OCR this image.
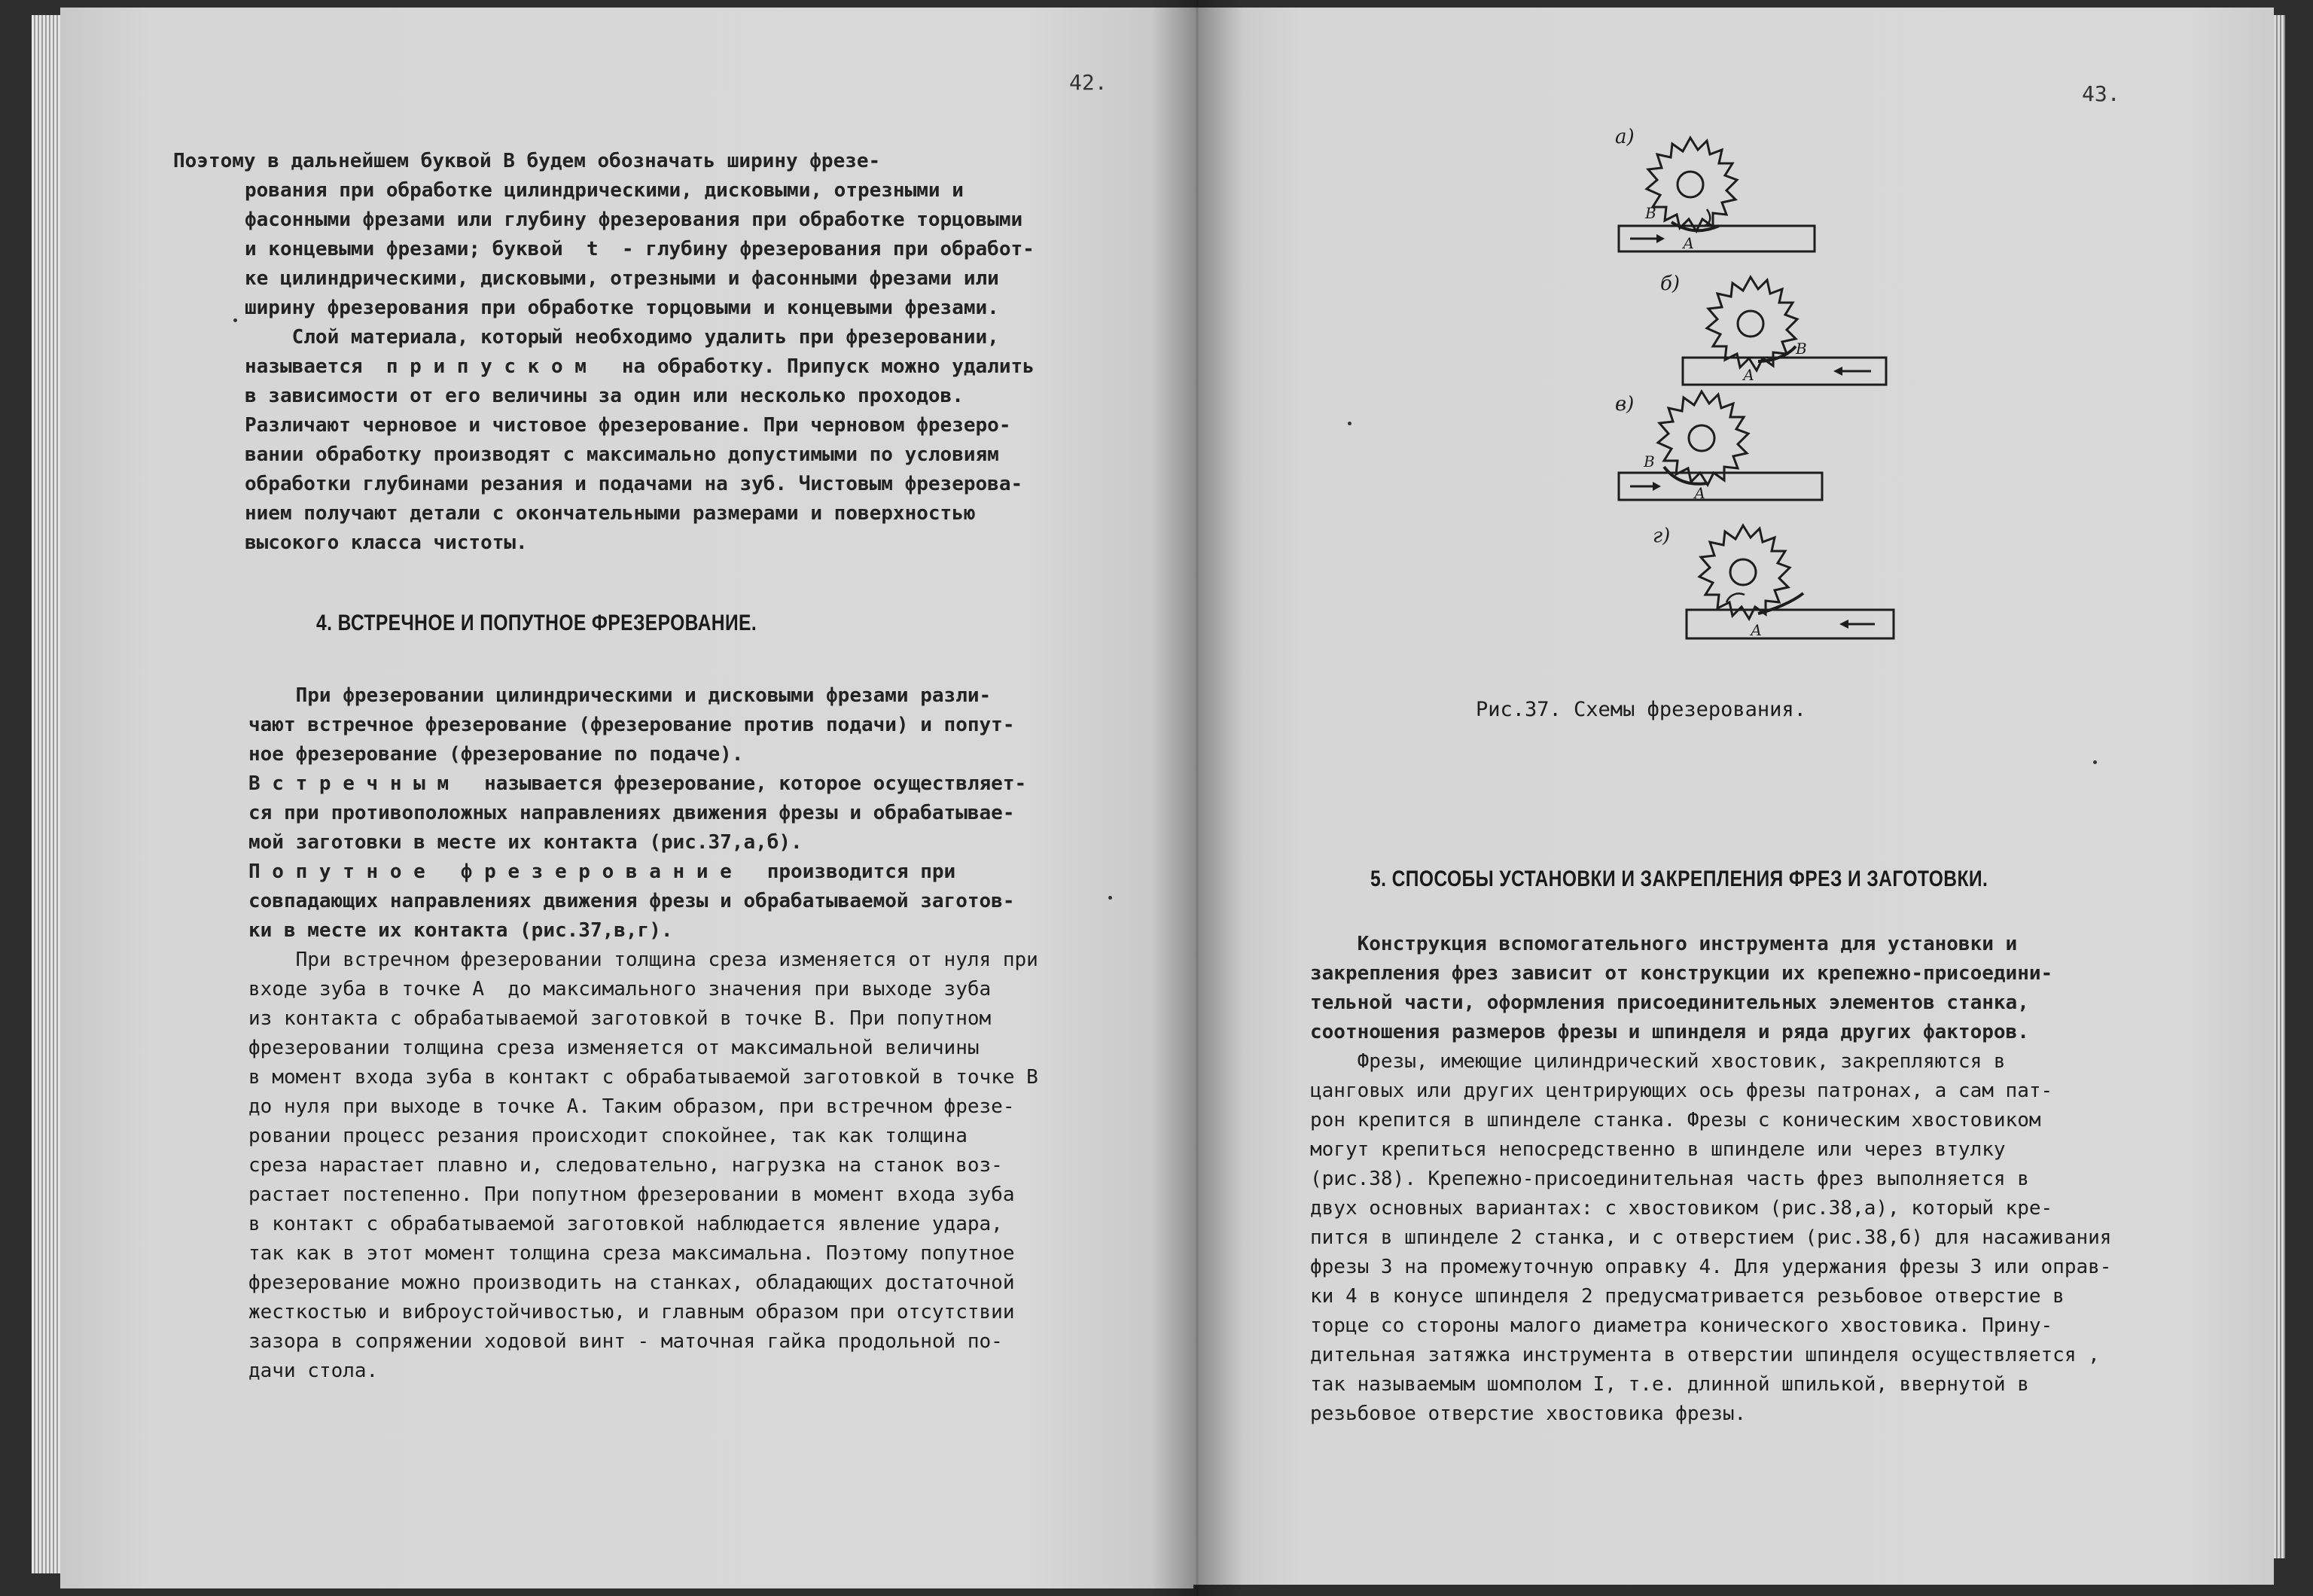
42.

Поэтому в дальнейшем буквой В будем обозначать ширину фрезе-

рования при обработке цилиндрическими, дисковыми, отрезными и

фасонными фрезами или глубину фрезерования при обработке торцовыми

и концевыми фрезами; буквой  t  - глубину фрезерования при обработ-

ке цилиндрическими, дисковыми, отрезными и фасонными фрезами или

ширину фрезерования при обработке торцовыми и концевыми фрезами.

Слой материала, который необходимо удалить при фрезеровании,

называется  п р и п у с к о м   на обработку. Припуск можно удалить

в зависимости от его величины за один или несколько проходов.

Различают черновое и чистовое фрезерование. При черновом фрезеро-

вании обработку производят с максимально допустимыми по условиям

обработки глубинами резания и подачами на зуб. Чистовым фрезерова-

нием получают детали с окончательными размерами и поверхностью

высокого класса чистоты.

4. ВСТРЕЧНОЕ И ПОПУТНОЕ ФРЕЗЕРОВАНИЕ.

При фрезеровании цилиндрическими и дисковыми фрезами разли-

чают встречное фрезерование (фрезерование против подачи) и попут-

ное фрезерование (фрезерование по подаче).

В с т р е ч н ы м   называется фрезерование, которое осуществляет-

ся при противоположных направлениях движения фрезы и обрабатывае-

мой заготовки в месте их контакта (рис.37,а,б).

П о п у т н о е   ф р е з е р о в а н и е   производится при

совпадающих направлениях движения фрезы и обрабатываемой заготов-

ки в месте их контакта (рис.37,в,г).

При встречном фрезеровании толщина среза изменяется от нуля при

входе зуба в точке А  до максимального значения при выходе зуба

из контакта с обрабатываемой заготовкой в точке В. При попутном

фрезеровании толщина среза изменяется от максимальной величины

в момент входа зуба в контакт с обрабатываемой заготовкой в точке В

до нуля при выходе в точке А. Таким образом, при встречном фрезе-

ровании процесс резания происходит спокойнее, так как толщина

среза нарастает плавно и, следовательно, нагрузка на станок воз-

растает постепенно. При попутном фрезеровании в момент входа зуба

в контакт с обрабатываемой заготовкой наблюдается явление удара,

так как в этот момент толщина среза максимальна. Поэтому попутное

фрезерование можно производить на станках, обладающих достаточной

жесткостью и виброустойчивостью, и главным образом при отсутствии

зазора в сопряжении ходовой винт - маточная гайка продольной по-

дачи стола.

43.
а)
В
А
б)
А
В
в)
В
А
г)
А
Рис.37. Схемы фрезерования.
5. СПОСОБЫ УСТАНОВКИ И ЗАКРЕПЛЕНИЯ ФРЕЗ И ЗАГОТОВКИ.

Конструкция вспомогательного инструмента для установки и

закрепления фрез зависит от конструкции их крепежно-присоедини-

тельной части, оформления присоединительных элементов станка,

соотношения размеров фрезы и шпинделя и ряда других факторов.

Фрезы, имеющие цилиндрический хвостовик, закрепляются в

цанговых или других центрирующих ось фрезы патронах, а сам пат-

рон крепится в шпинделе станка. Фрезы с коническим хвостовиком

могут крепиться непосредственно в шпинделе или через втулку

(рис.38). Крепежно-присоединительная часть фрез выполняется в

двух основных вариантах: с хвостовиком (рис.38,а), который кре-

пится в шпинделе 2 станка, и с отверстием (рис.38,б) для насаживания

фрезы 3 на промежуточную оправку 4. Для удержания фрезы 3 или оправ-

ки 4 в конусе шпинделя 2 предусматривается резьбовое отверстие в

торце со стороны малого диаметра конического хвостовика. Прину-

дительная затяжка инструмента в отверстии шпинделя осуществляется ,

так называемым шомполом I, т.е. длинной шпилькой, ввернутой в

резьбовое отверстие хвостовика фрезы.
